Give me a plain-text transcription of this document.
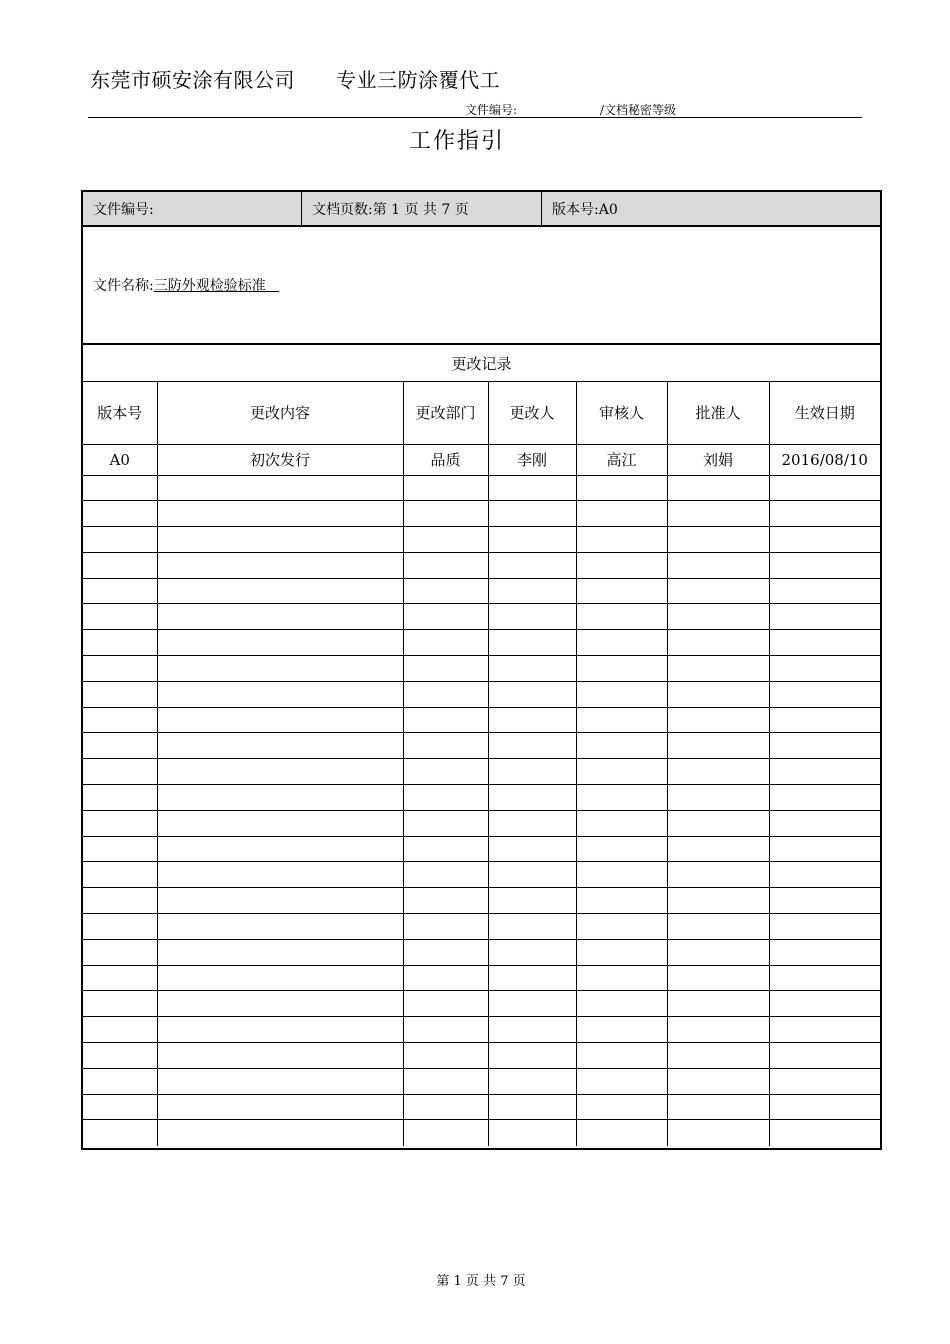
东莞市硕安涂有限公司 专业三防涂覆代工
文件编号:	/文档秘密等级
工作指引
文件编号:	文档页数:第 1 页 共 7 页	版本号:A0
文件名称: 三防外观检验标准
更改记录
版本号	更改内容	更改部门	更改人	审核人	批准人	生效日期
A0	初次发行	品质	李刚	高江	刘娟	2016/08/10

第 1 页 共 7 页
